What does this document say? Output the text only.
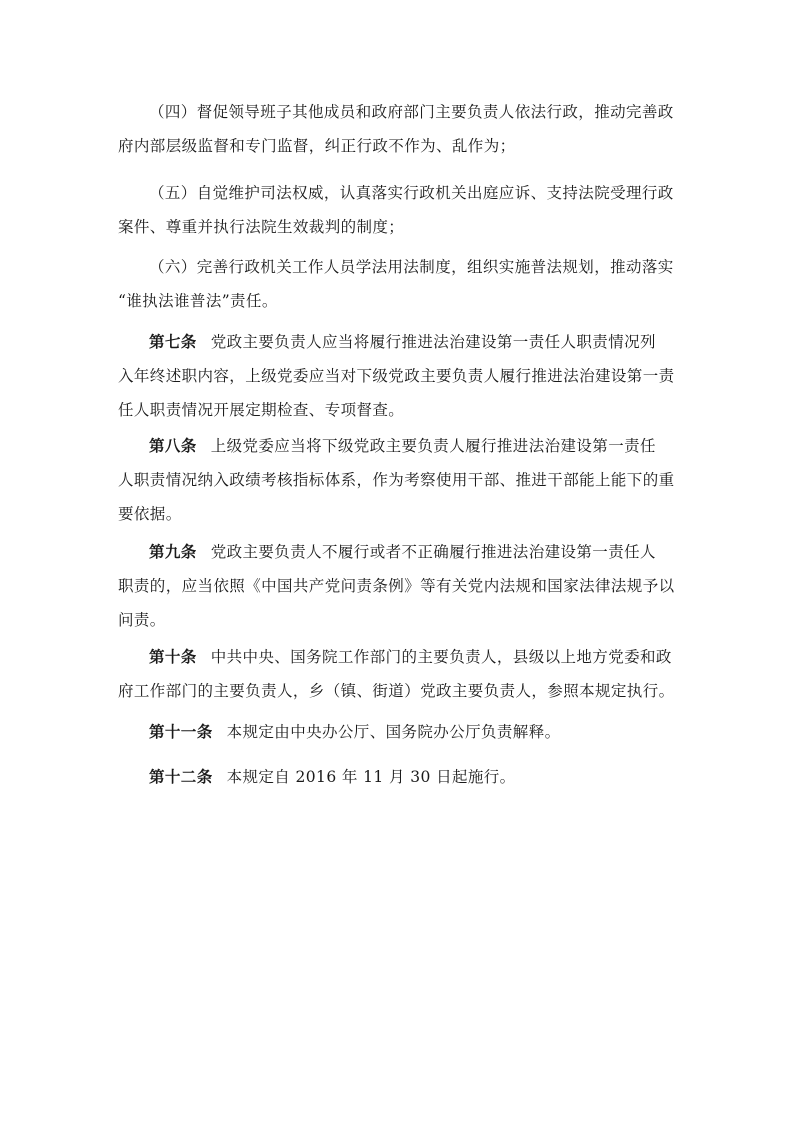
（四）督促领导班子其他成员和政府部门主要负责人依法行政，推动完善政
府内部层级监督和专门监督，纠正行政不作为、乱作为；
（五）自觉维护司法权威，认真落实行政机关出庭应诉、支持法院受理行政
案件、尊重并执行法院生效裁判的制度；
（六）完善行政机关工作人员学法用法制度，组织实施普法规划，推动落实
“谁执法谁普法”责任。
第七条 党政主要负责人应当将履行推进法治建设第一责任人职责情况列
入年终述职内容，上级党委应当对下级党政主要负责人履行推进法治建设第一责
任人职责情况开展定期检查、专项督查。
第八条 上级党委应当将下级党政主要负责人履行推进法治建设第一责任
人职责情况纳入政绩考核指标体系，作为考察使用干部、推进干部能上能下的重
要依据。
第九条 党政主要负责人不履行或者不正确履行推进法治建设第一责任人
职责的，应当依照《中国共产党问责条例》等有关党内法规和国家法律法规予以
问责。
第十条 中共中央、国务院工作部门的主要负责人，县级以上地方党委和政
府工作部门的主要负责人，乡（镇、街道）党政主要负责人，参照本规定执行。
第十一条 本规定由中央办公厅、国务院办公厅负责解释。
第十二条 本规定自 2016 年 11 月 30 日起施行。
